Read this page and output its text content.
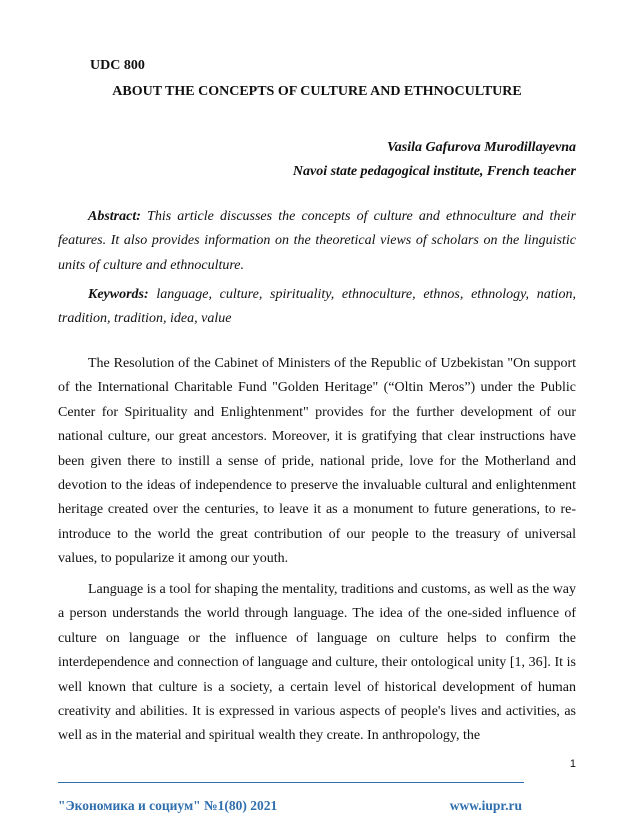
UDC 800
ABOUT THE CONCEPTS OF CULTURE AND ETHNOCULTURE
Vasila Gafurova Murodillayevna
Navoi state pedagogical institute, French teacher

Abstract: This article discusses the concepts of culture and ethnoculture and their features. It also provides information on the theoretical views of scholars on the linguistic units of culture and ethnoculture.

Keywords: language, culture, spirituality, ethnoculture, ethnos, ethnology, nation, tradition, tradition, idea, value

The Resolution of the Cabinet of Ministers of the Republic of Uzbekistan "On support of the International Charitable Fund "Golden Heritage" (“Oltin Meros”) under the Public Center for Spirituality and Enlightenment" provides for the further development of our national culture, our great ancestors. Moreover, it is gratifying that clear instructions have been given there to instill a sense of pride, national pride, love for the Motherland and devotion to the ideas of independence to preserve the invaluable cultural and enlightenment heritage created over the centuries, to leave it as a monument to future generations, to re-introduce to the world the great contribution of our people to the treasury of universal values, to popularize it among our youth.

Language is a tool for shaping the mentality, traditions and customs, as well as the way a person understands the world through language. The idea of the one-sided influence of culture on language or the influence of language on culture helps to confirm the interdependence and connection of language and culture, their ontological unity [1, 36]. It is well known that culture is a society, a certain level of historical development of human creativity and abilities. It is expressed in various aspects of people's lives and activities, as well as in the material and spiritual wealth they create. In anthropology, the

1
"Экономика и социум" №1(80) 2021	www.iupr.ru
